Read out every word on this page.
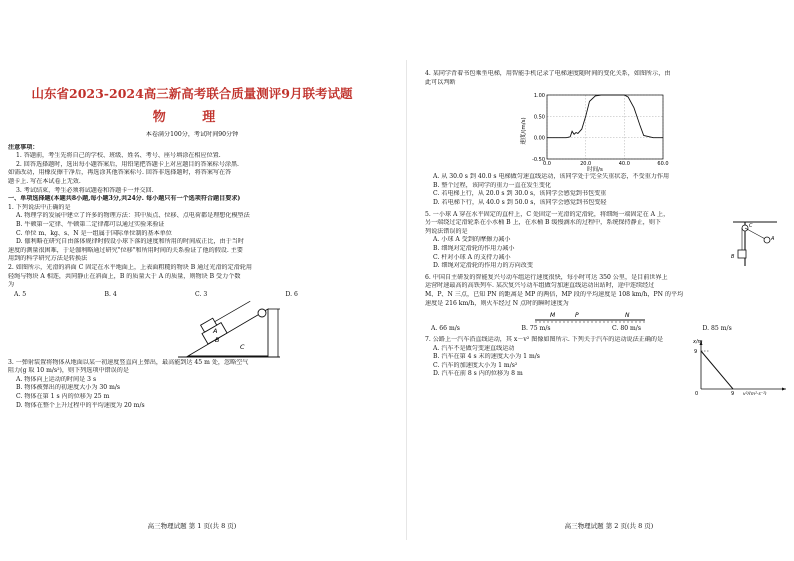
山东省2023-2024高三新高考联合质量测评9月联考试题
物 理

本卷满分100分，考试时间90分钟

注意事项：

1. 答题前，考生先将自己的学校、班级、姓名、考号、座号填涂在相应位置.

2. 回答选择题时，选出每小题答案后，用铅笔把答题卡上对应题目的答案标号涂黑.

如需改动，用橡皮擦干净后，再选涂其他答案标号. 回答非选择题时，将答案写在答

题卡上. 写在本试卷上无效.

3. 考试结束，考生必须将试题卷和答题卡一并交回.

一、单项选择题(本题共8小题,每小题3分,共24分. 每小题只有一个选项符合题目要求)

1. 下列说法中正确的是

A. 物理学的发展中建立了许多的物理方法：其中质点、位移、点电荷都是理想化模型法

B. 牛顿第一定律、牛顿第二定律都可以通过实验来验证

C. 单位 m、kg、s、N 是一组属于国际单位制的基本单位

D. 伽利略在研究自由落体规律时假设小球下落的速度和所用的时间成正比，由于当时

速度的测量很困难，于是伽利略通过研究"位移"和所用时间的关系验证了他的假设. 主要

用到的科学研究方法是转换法

2. 如图所示，光滑的斜面 C 固定在水平地面上，上表面粗糙的物块 B 通过光滑的定滑轮用

轻绳与物块 A 相连，共同静止在斜面上，B 的质量大于 A 的质量，则物块 B 受力个数

为

A. 5	B. 4	C. 3	D. 6
A
B
C

3. 一弹射装置将物体从地面以某一初速度竖直向上弹出，最高能到达 45 m 处，忽略空气

阻力(g 取 10 m/s²)，则下列选项中错误的是

A. 物体向上运动的时间是 3 s

B. 物体被弹出的初速度大小为 30 m/s

C. 物体在第 1 s 内的位移为 25 m

D. 物体在整个上升过程中的平均速度为 20 m/s

高三物理试题 第 1 页(共 8 页)

4. 某同学背着书包乘坐电梯，用智能手机记录了电梯速度随时间的变化关系，如图所示，由

此可以判断

1.00
0.50
0.00
-0.50
0.0	20.0	40.0	60.0
速度/(m/s)
时间/s

A. 从 30.0 s 到 40.0 s 电梯做匀速直线运动，该同学处于完全失重状态，不受重力作用

B. 整个过程，该同学的重力一直在发生变化

C. 若电梯上行，从 20.0 s 到 30.0 s，该同学会感觉到书包变重

D. 若电梯下行，从 40.0 s 到 50.0 s，该同学会感觉到书包变轻

5. 一小球 A 穿在水平固定的直杆上，C 处固定一光滑的定滑轮，将细绳一端固定在 A 上，

另一端绕过定滑轮系在小水桶 B 上，在水桶 B 缓慢滴水的过程中，系统保持静止，则下

列说法错误的是

A. 小球 A 受到的摩擦力减小

B. 细绳对定滑轮的作用力减小

C. 杆对小球 A 的支持力减小

D. 细绳对定滑轮的作用力的方向改变

C
A
B

6. 中国自主研发的智能复兴号动车组运行速度很快，每小时可达 350 公里，是目前世界上

运营时速最高的高铁列车. 某次复兴号动车组做匀加速直线运动出站时，途中连续经过

M、P、N 三点，已知 PN 的距离是 MP 的两倍，MP 段的平均速度是 108 km/h，PN 的平均

速度是 216 km/h，则火车经过 N 点时的瞬时速度为

M	P	N
A. 66 m/s	B. 75 m/s	C. 80 m/s	D. 85 m/s

7. 公路上一汽车沿直线运动，其 x－v² 图像如图所示. 下列关于汽车的运动说法正确的是

A. 汽车不是做匀变速直线运动

B. 汽车在第 4 s 末的速度大小为 1 m/s

C. 汽车的加速度大小为 1 m/s²

D. 汽车在前 8 s 内的位移为 8 m

x/m
9
0	9 v²/(m²·s⁻²)
高三物理试题 第 2 页(共 8 页)
